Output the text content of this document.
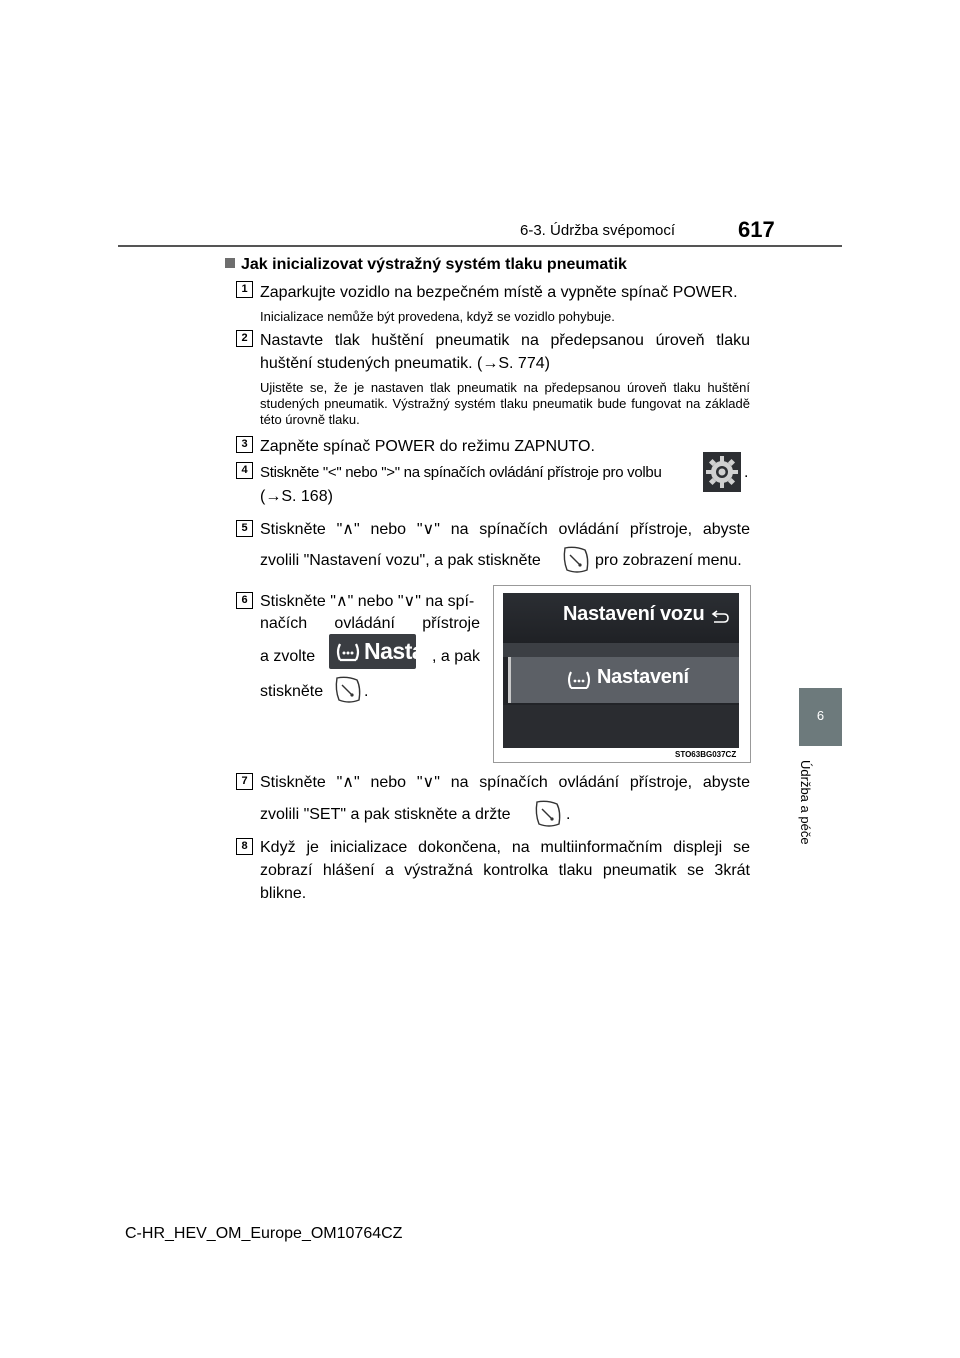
6-3. Údržba svépomocí	617
6
Údržba a péče
Jak inicializovat výstražný systém tlaku pneumatik
1 Zaparkujte vozidlo na bezpečném místě a vypněte spínač POWER.
Inicializace nemůže být provedena, když se vozidlo pohybuje.
2 Nastavte tlak huštění pneumatik na předepsanou úroveň tlaku huštění studených pneumatik. (→S. 774)
Ujistěte se, že je nastaven tlak pneumatik na předepsanou úroveň tlaku huštění studených pneumatik. Výstražný systém tlaku pneumatik bude fungovat na základě této úrovně tlaku.
3 Zapněte spínač POWER do režimu ZAPNUTO.
4 Stiskněte "<" nebo ">" na spínačích ovládání přístroje pro volbu	.
(→S. 168)
5 Stiskněte "∧" nebo "∨" na spínačích ovládání přístroje, abyste
zvolili "Nastavení vozu", a pak stiskněte	pro zobrazení menu.
6 Stiskněte "∧" nebo "∨" na spí-
načích ovládání přístroje
a zvolte Nasta , a pak
stiskněte	.
Nastavení vozu
Nastavení
STO63BG037CZ
7 Stiskněte "∧" nebo "∨" na spínačích ovládání přístroje, abyste
zvolili "SET" a pak stiskněte a držte	.
8 Když je inicializace dokončena, na multiinformačním displeji se zobrazí hlášení a výstražná kontrolka tlaku pneumatik se 3krát blikne.
C-HR_HEV_OM_Europe_OM10764CZ
